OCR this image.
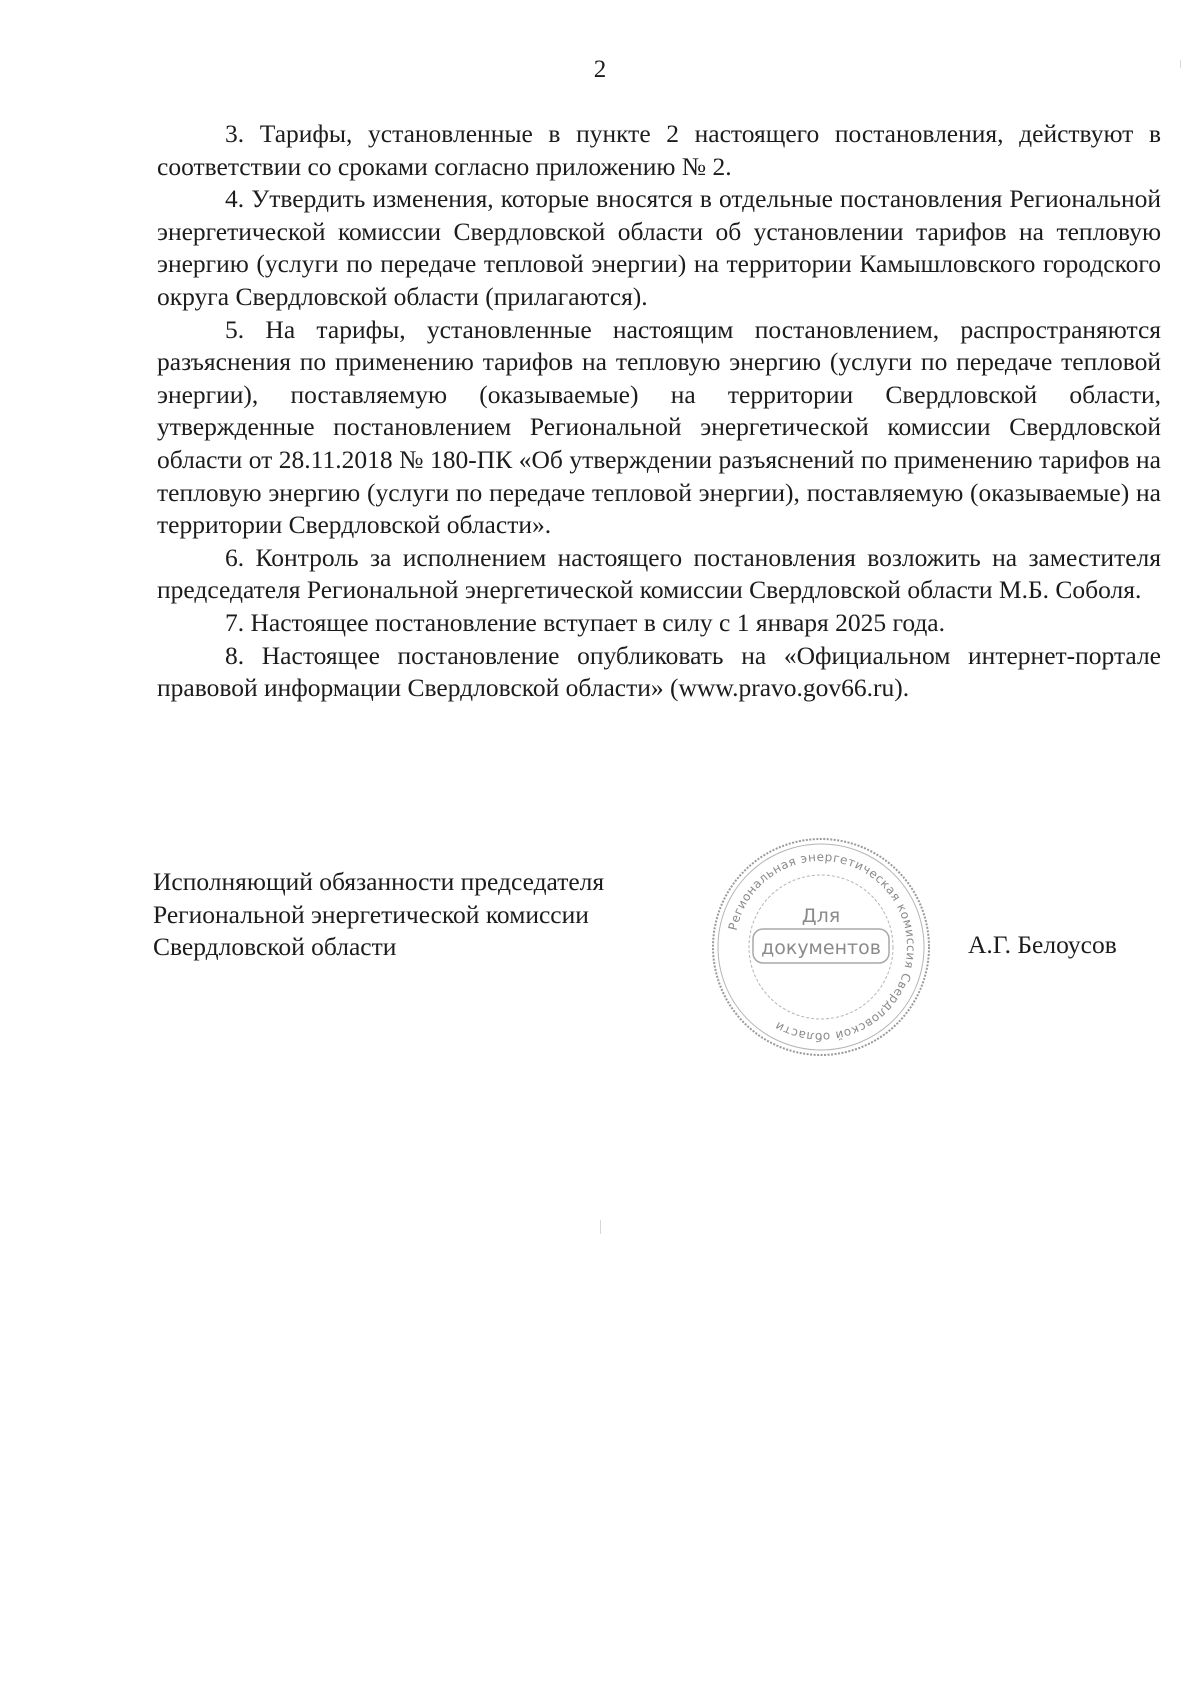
2

3. Тарифы, установленные в пункте 2 настоящего постановления, действуют в соответствии со сроками согласно приложению № 2.

4. Утвердить изменения, которые вносятся в отдельные постановления Региональной энергетической комиссии Свердловской области об установлении тарифов на тепловую энергию (услуги по передаче тепловой энергии) на территории Камышловского городского округа Свердловской области (прилагаются).

5. На тарифы, установленные настоящим постановлением, распространяются разъяснения по применению тарифов на тепловую энергию (услуги по передаче тепловой энергии), поставляемую (оказываемые) на территории Свердловской области, утвержденные постановлением Региональной энергетической комиссии Свердловской области от 28.11.2018 № 180-ПК «Об утверждении разъяснений по применению тарифов на тепловую энергию (услуги по передаче тепловой энергии), поставляемую (оказываемые) на территории Свердловской области».

6. Контроль за исполнением настоящего постановления возложить на заместителя председателя Региональной энергетической комиссии Свердловской области М.Б. Соболя.

7. Настоящее постановление вступает в силу с 1 января 2025 года.

8. Настоящее постановление опубликовать на «Официальном интернет-портале правовой информации Свердловской области» (www.pravo.gov66.ru).

Исполняющий обязанности председателя
Региональной энергетической комиссии
Свердловской области
Региональная энергетическая комиссия Свердловской области
Для
документов	А.Г. Белоусов
